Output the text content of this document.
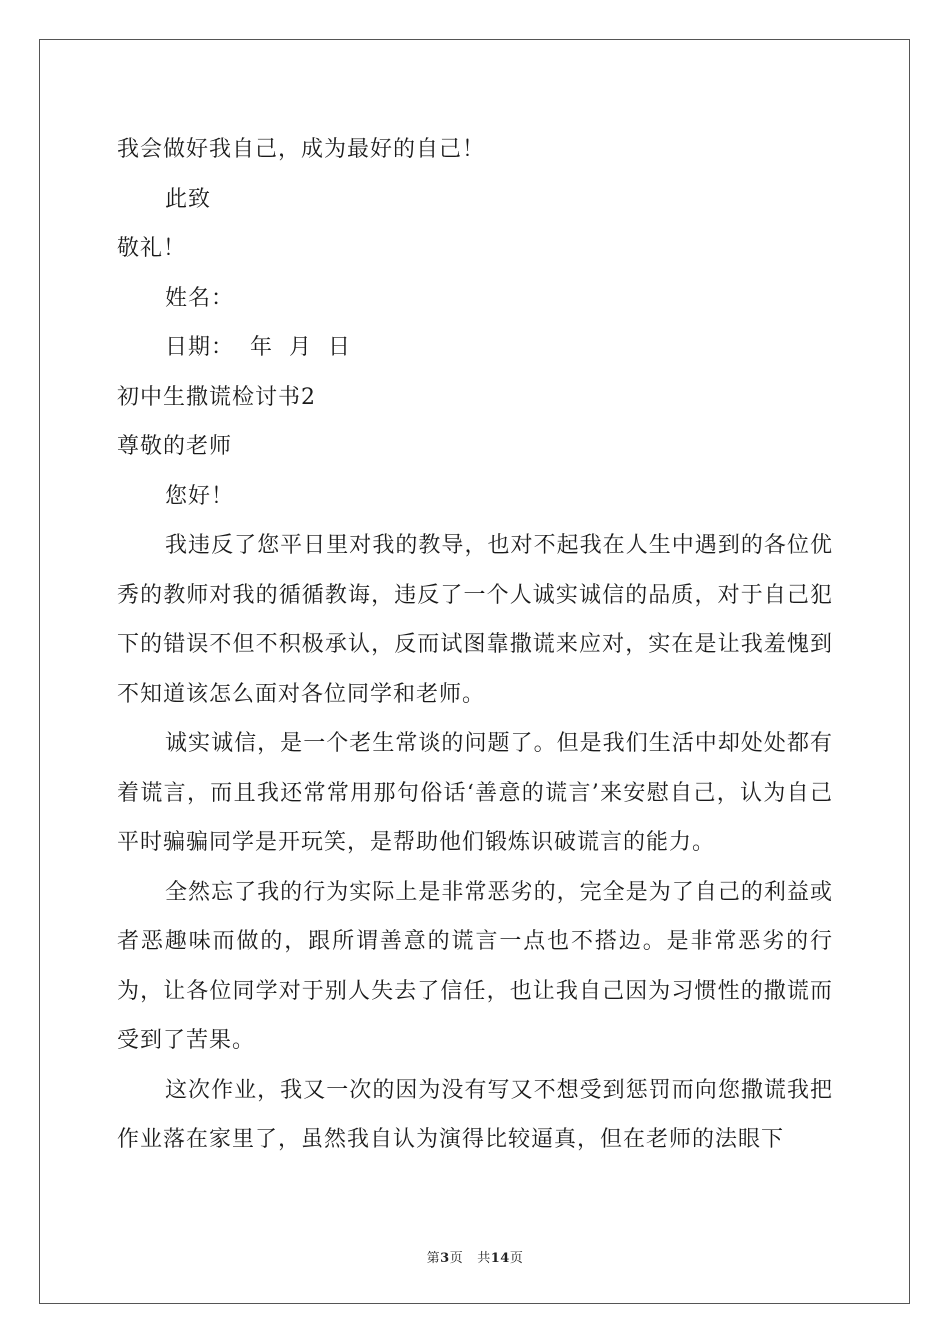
我会做好我自己，成为最好的自己！

此致

敬礼！

姓名：

日期：  年  月  日

初中生撒谎检讨书2

尊敬的老师

您好！

我违反了您平日里对我的教导，也对不起我在人生中遇到的各位优秀的教师对我的循循教诲，违反了一个人诚实诚信的品质，对于自己犯下的错误不但不积极承认，反而试图靠撒谎来应对，实在是让我羞愧到不知道该怎么面对各位同学和老师。

诚实诚信，是一个老生常谈的问题了。但是我们生活中却处处都有着谎言，而且我还常常用那句俗话‘善意的谎言’来安慰自己，认为自己平时骗骗同学是开玩笑，是帮助他们锻炼识破谎言的能力。

全然忘了我的行为实际上是非常恶劣的，完全是为了自己的利益或者恶趣味而做的，跟所谓善意的谎言一点也不搭边。是非常恶劣的行为，让各位同学对于别人失去了信任，也让我自己因为习惯性的撒谎而受到了苦果。

这次作业，我又一次的因为没有写又不想受到惩罚而向您撒谎我把作业落在家里了，虽然我自认为演得比较逼真，但在老师的法眼下

第3页 共14页
